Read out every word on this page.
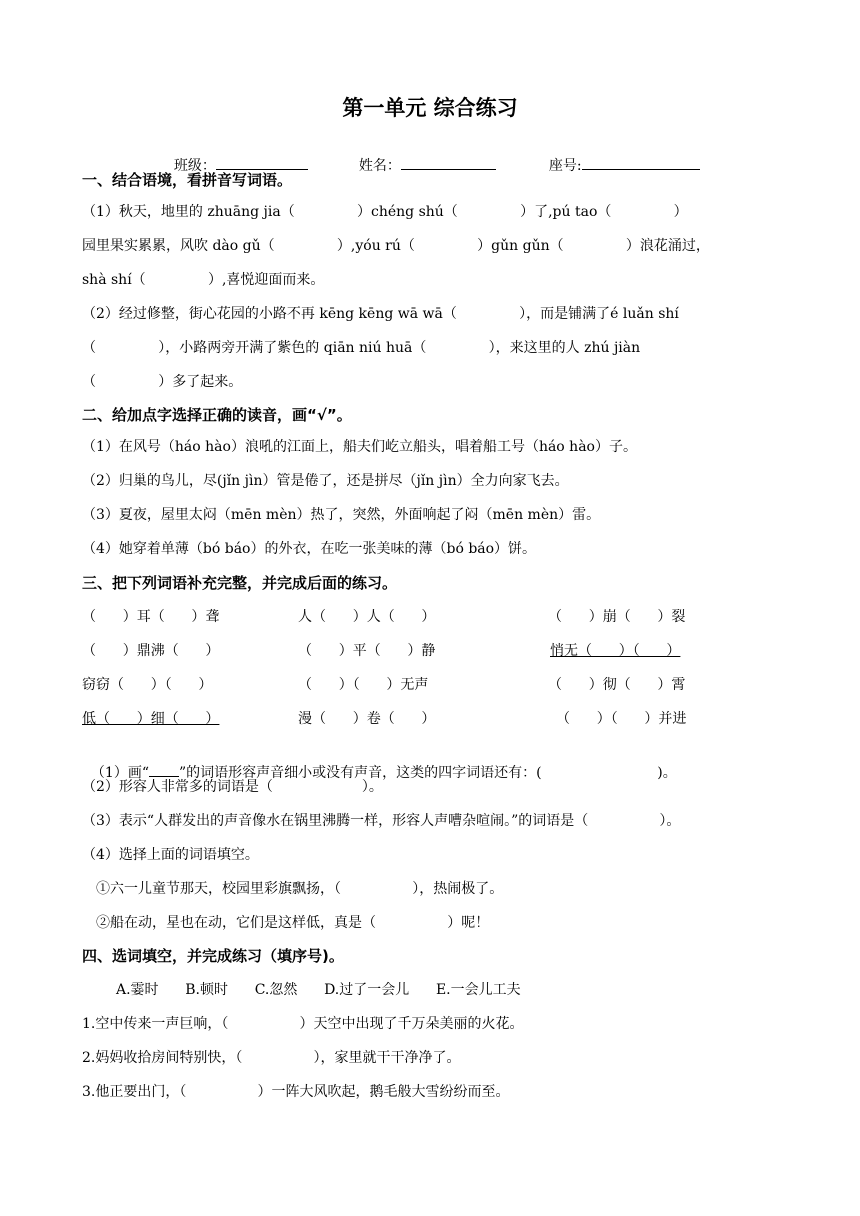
第一单元 综合练习

班级：	姓名：	座号:

一、结合语境，看拼音写词语。
（1）秋天，地里的 zhuāng jia（              ）chéng shú（              ）了,pú tao（              ）
园里果实累累，风吹 dào gǔ（              ）,yóu rú（              ）gǔn gǔn（              ）浪花涌过，
shà shí（              ）,喜悦迎面而来。
（2）经过修整，街心花园的小路不再 kēng kēng wā wā（              ），而是铺满了é luǎn shí
（              ），小路两旁开满了紫色的 qiān niú huā（              ），来这里的人 zhú jiàn
（              ）多了起来。
二、给加点字选择正确的读音，画“√”。
（1）在风号（háo hào）浪吼的江面上，船夫们屹立船头，唱着船工号（háo hào）子。
（2）归巢的鸟儿，尽(jǐn jìn）管是倦了，还是拼尽（jǐn jìn）全力向家飞去。
（3）夏夜，屋里太闷（mēn mèn）热了，突然，外面响起了闷（mēn mèn）雷。
（4）她穿着单薄（bó báo）的外衣，在吃一张美味的薄（bó báo）饼。
三、把下列词语补充完整，并完成后面的练习。
（      ）耳（      ）聋	人（      ）人（      ）	（      ）崩（      ）裂
（      ）鼎沸（      ）	（      ）平（      ）静	悄无（      ）（      ）
窃窃（      ）（      ）	（      ）（      ）无声	（      ）彻（      ）霄
低（      ）细（      ）	漫（      ）卷（      ）	（      ）（      ）并进

（1）画“ ”的词语形容声音细小或没有声音，这类的四字词语还有：(                          )。

（2）形容人非常多的词语是（                    ）。
（3）表示“人群发出的声音像水在锅里沸腾一样，形容人声嘈杂喧闹。”的词语是（                ）。
（4）选择上面的词语填空。
①六一儿童节那天，校园里彩旗飘扬，（                ），热闹极了。
②船在动，星也在动，它们是这样低，真是（                ）呢！
四、选词填空，并完成练习（填序号)。
A.霎时      B.顿时      C.忽然      D.过了一会儿      E.一会儿工夫
1.空中传来一声巨响，（                ）天空中出现了千万朵美丽的火花。
2.妈妈收拾房间特别快，（                ），家里就干干净净了。
3.他正要出门，（                ）一阵大风吹起，鹅毛般大雪纷纷而至。
